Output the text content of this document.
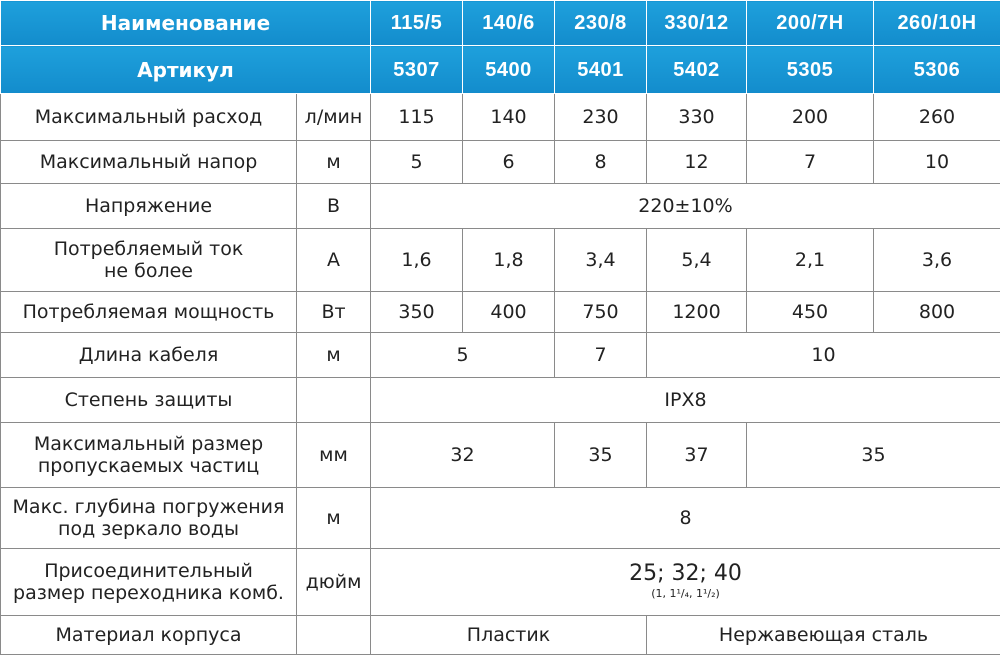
Наименование		115/5	140/6	230/8	330/12	200/7Н	260/10Н
Артикул		5307	5400	5401	5402	5305	5306
Максимальный расход	л/мин	115	140	230	330	200	260
Максимальный напор	м	5	6	8	12	7	10
Напряжение	В	220±10%					
Потребляемый ток
не более	А	1,6	1,8	3,4	5,4	2,1	3,6
Потребляемая мощность	Вт	350	400	750	1200	450	800
Длина кабеля	м	5		7	10		
Степень защиты		IPX8					
Максимальный размер
пропускаемых частиц	мм	32		35	37	35	
Макс. глубина погружения
под зеркало воды	м	8					
Присоединительный
размер переходника комб.	дюйм	25; 32; 40
(1, 1¹/₄, 1¹/₂)					

Материал корпуса		Пластик			Нержавеющая сталь		
